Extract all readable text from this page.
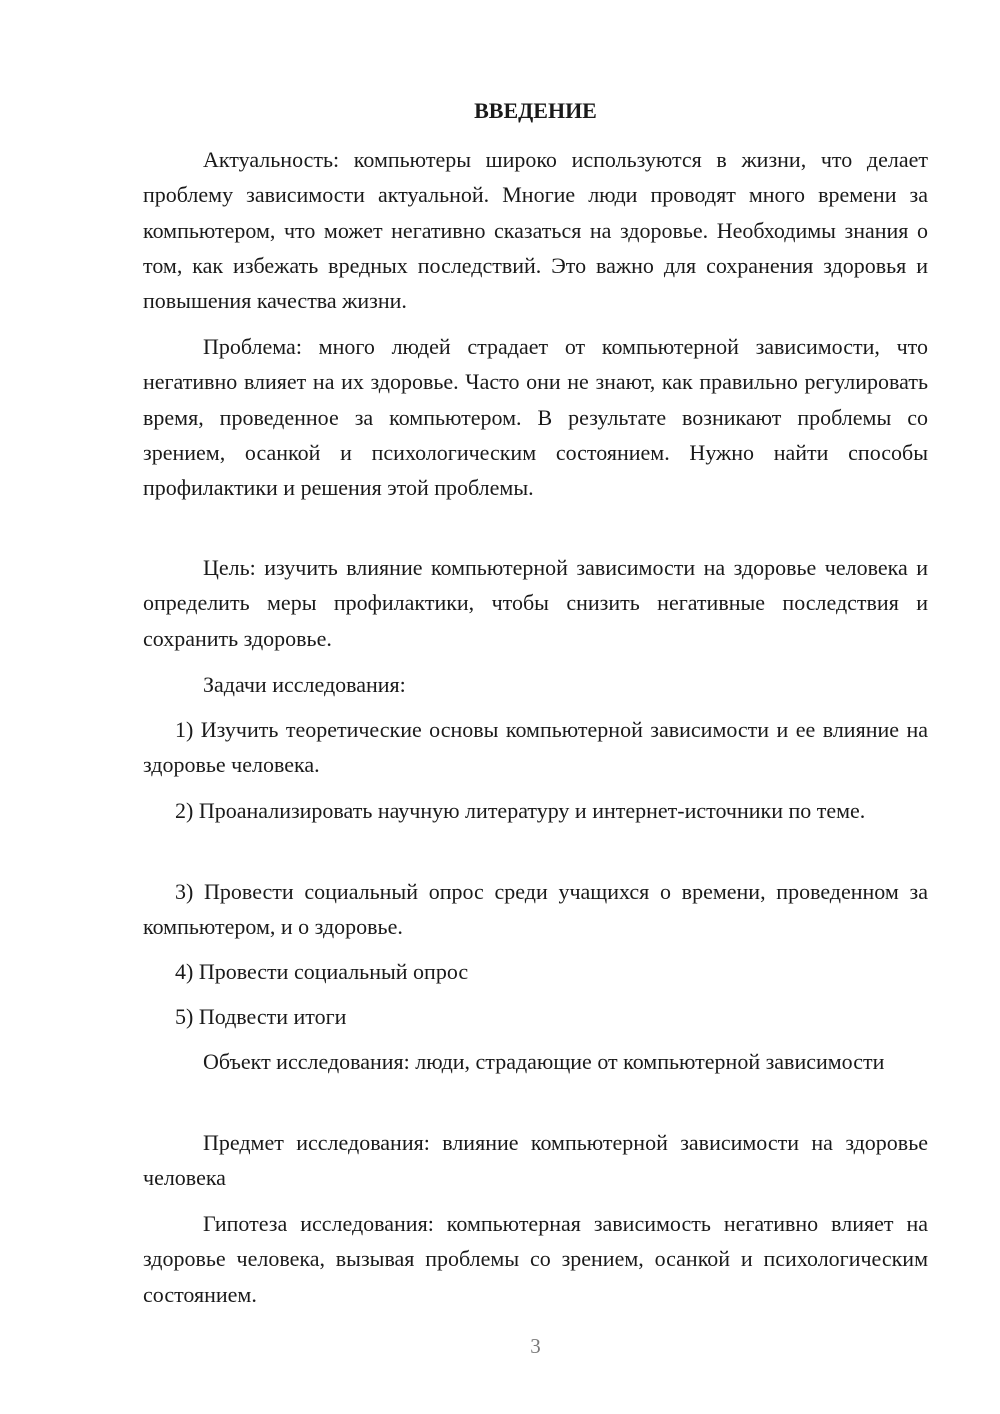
ВВЕДЕНИЕ

Актуальность: компьютеры широко используются в жизни, что делает проблему зависимости актуальной. Многие люди проводят много времени за компьютером, что может негативно сказаться на здоровье. Необходимы знания о том, как избежать вредных последствий. Это важно для сохранения здоровья и повышения качества жизни.

Проблема: много людей страдает от компьютерной зависимости, что негативно влияет на их здоровье. Часто они не знают, как правильно регулировать время, проведенное за компьютером. В результате возникают проблемы со зрением, осанкой и психологическим состоянием. Нужно найти способы профилактики и решения этой проблемы.

Цель: изучить влияние компьютерной зависимости на здоровье человека и определить меры профилактики, чтобы снизить негативные последствия и сохранить здоровье.

Задачи исследования:

1) Изучить теоретические основы компьютерной зависимости и ее влияние на здоровье человека.

2) Проанализировать научную литературу и интернет-источники по теме.

3) Провести социальный опрос среди учащихся о времени, проведенном за компьютером, и о здоровье.

4) Провести социальный опрос

5) Подвести итоги

Объект исследования: люди, страдающие от компьютерной зависимости

Предмет исследования: влияние компьютерной зависимости на здоровье человека

Гипотеза исследования: компьютерная зависимость негативно влияет на здоровье человека, вызывая проблемы со зрением, осанкой и психологическим состоянием.

3
